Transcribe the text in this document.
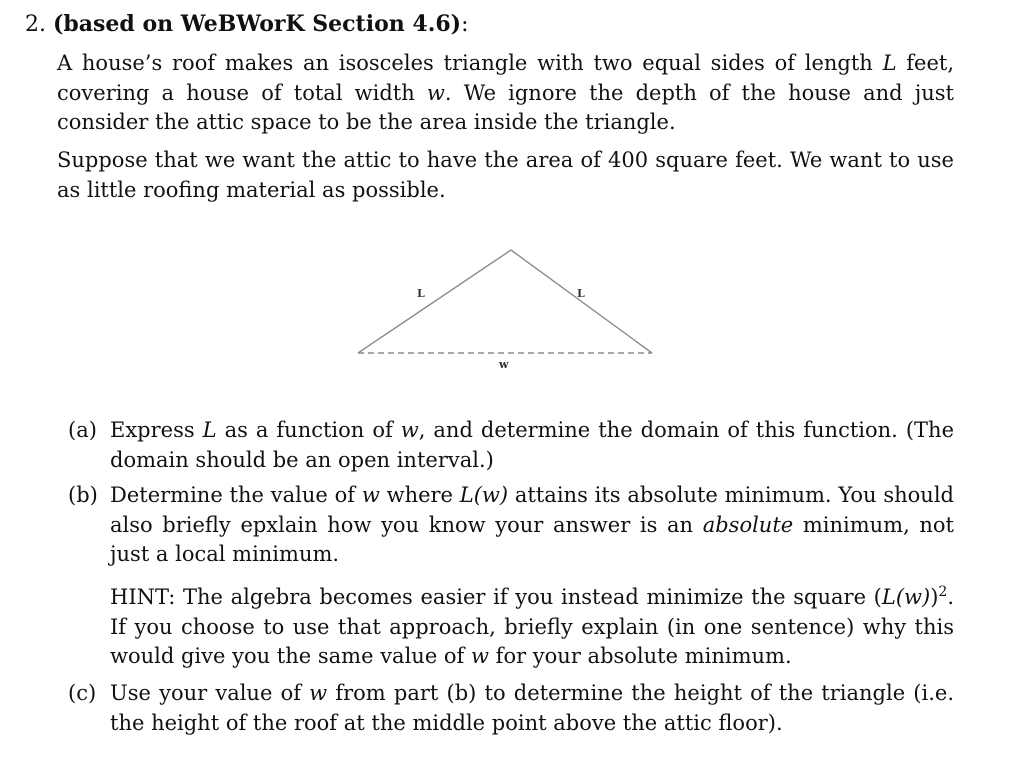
2. (based on WeBWorK Section 4.6):
A house’s roof makes an isosceles triangle with two equal sides of length L feet, covering a house of total width w. We ignore the depth of the house and just consider the attic space to be the area inside the triangle.
Suppose that we want the attic to have the area of 400 square feet. We want to use as little roofing material as possible.
L	L
w
(a) Express L as a function of w, and determine the domain of this function. (The domain should be an open interval.)
(b) Determine the value of w where L(w) attains its absolute minimum. You should also briefly epxlain how you know your answer is an absolute minimum, not just a local minimum.
HINT: The algebra becomes easier if you instead minimize the square $(L(w))^2$. If you choose to use that approach, briefly explain (in one sentence) why this would give you the same value of w for your absolute minimum.
(c) Use your value of w from part (b) to determine the height of the triangle (i.e. the height of the roof at the middle point above the attic floor).
